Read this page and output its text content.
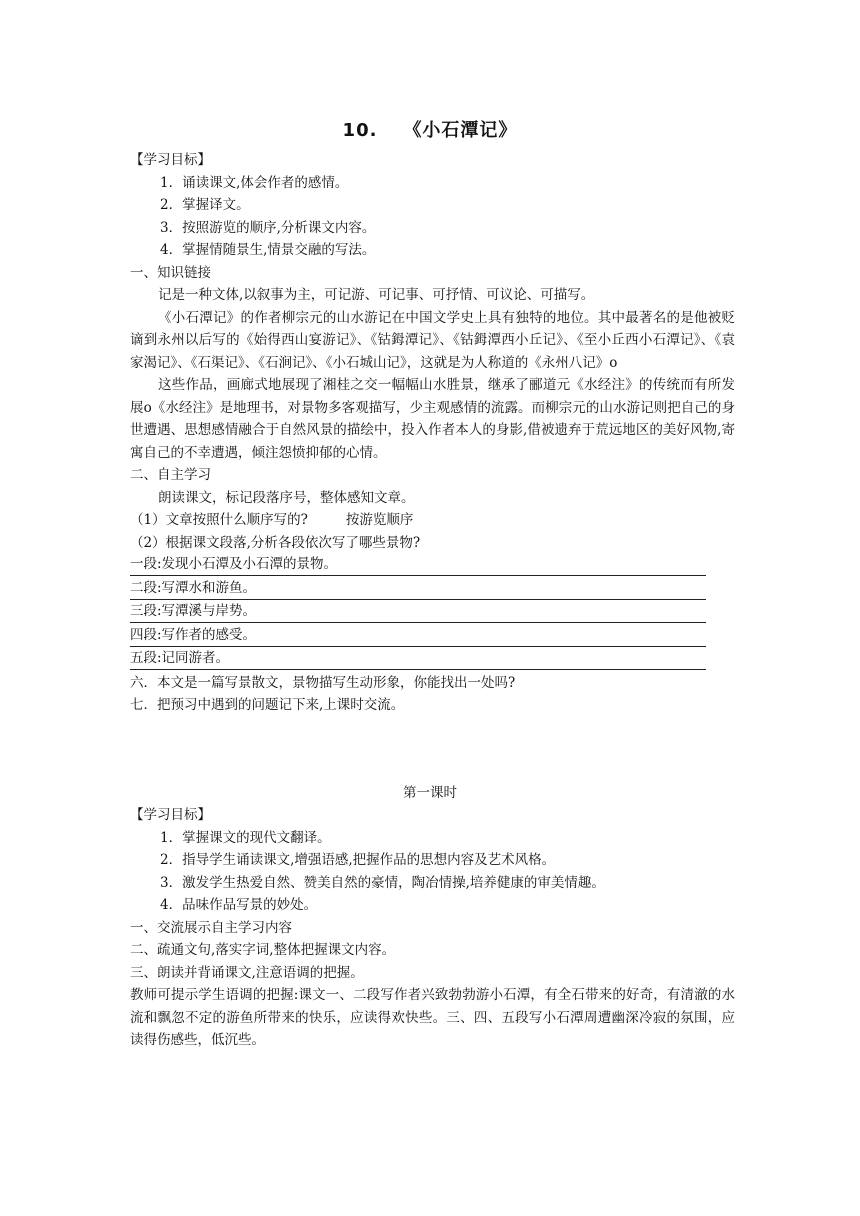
10. 《小石潭记》

【学习目标】

1．诵读课文,体会作者的感情。

2．掌握译文。

3．按照游览的顺序,分析课文内容。

4．掌握情随景生,情景交融的写法。

一、知识链接

记是一种文体,以叙事为主，可记游、可记事、可抒情、可议论、可描写。

《小石潭记》的作者柳宗元的山水游记在中国文学史上具有独特的地位。其中最著名的是他被贬谪到永州以后写的《始得西山宴游记》、《钴鉧潭记》、《钴鉧潭西小丘记》、《至小丘西小石潭记》、《袁家渴记》、《石渠记》、《石涧记》、《小石城山记》，这就是为人称道的《永州八记》o

这些作品，画廊式地展现了湘桂之交一幅幅山水胜景，继承了郦道元《水经注》的传统而有所发展o《水经注》是地理书，对景物多客观描写，少主观感情的流露。而柳宗元的山水游记则把自己的身世遭遇、思想感情融合于自然风景的描绘中，投入作者本人的身影,借被遗弃于荒远地区的美好风物,寄寓自己的不幸遭遇，倾注怨愤抑郁的心情。

二、自主学习

朗读课文，标记段落序号，整体感知文章。

（1）文章按照什么顺序写的?	按游览顺序

（2）根据课文段落,分析各段依次写了哪些景物?

一段:发现小石潭及小石潭的景物。

二段:写潭水和游鱼。

三段:写潭溪与岸势。

四段:写作者的感受。

五段:记同游者。

六．本文是一篇写景散文，景物描写生动形象，你能找出一处吗?

七．把预习中遇到的问题记下来,上课时交流。

第一课时

【学习目标】

1．掌握课文的现代文翻译。

2．指导学生诵读课文,增强语感,把握作品的思想内容及艺术风格。

3．激发学生热爱自然、赞美自然的豪情，陶冶情操,培养健康的审美情趣。

4．品味作品写景的妙处。

一、交流展示自主学习内容

二、疏通文句,落实字词,整体把握课文内容。

三、朗读并背诵课文,注意语调的把握。

教师可提示学生语调的把握:课文一、二段写作者兴致勃勃游小石潭，有全石带来的好奇，有清澈的水流和飘忽不定的游鱼所带来的快乐，应读得欢快些。三、四、五段写小石潭周遭幽深冷寂的氛围，应读得伤感些，低沉些。
